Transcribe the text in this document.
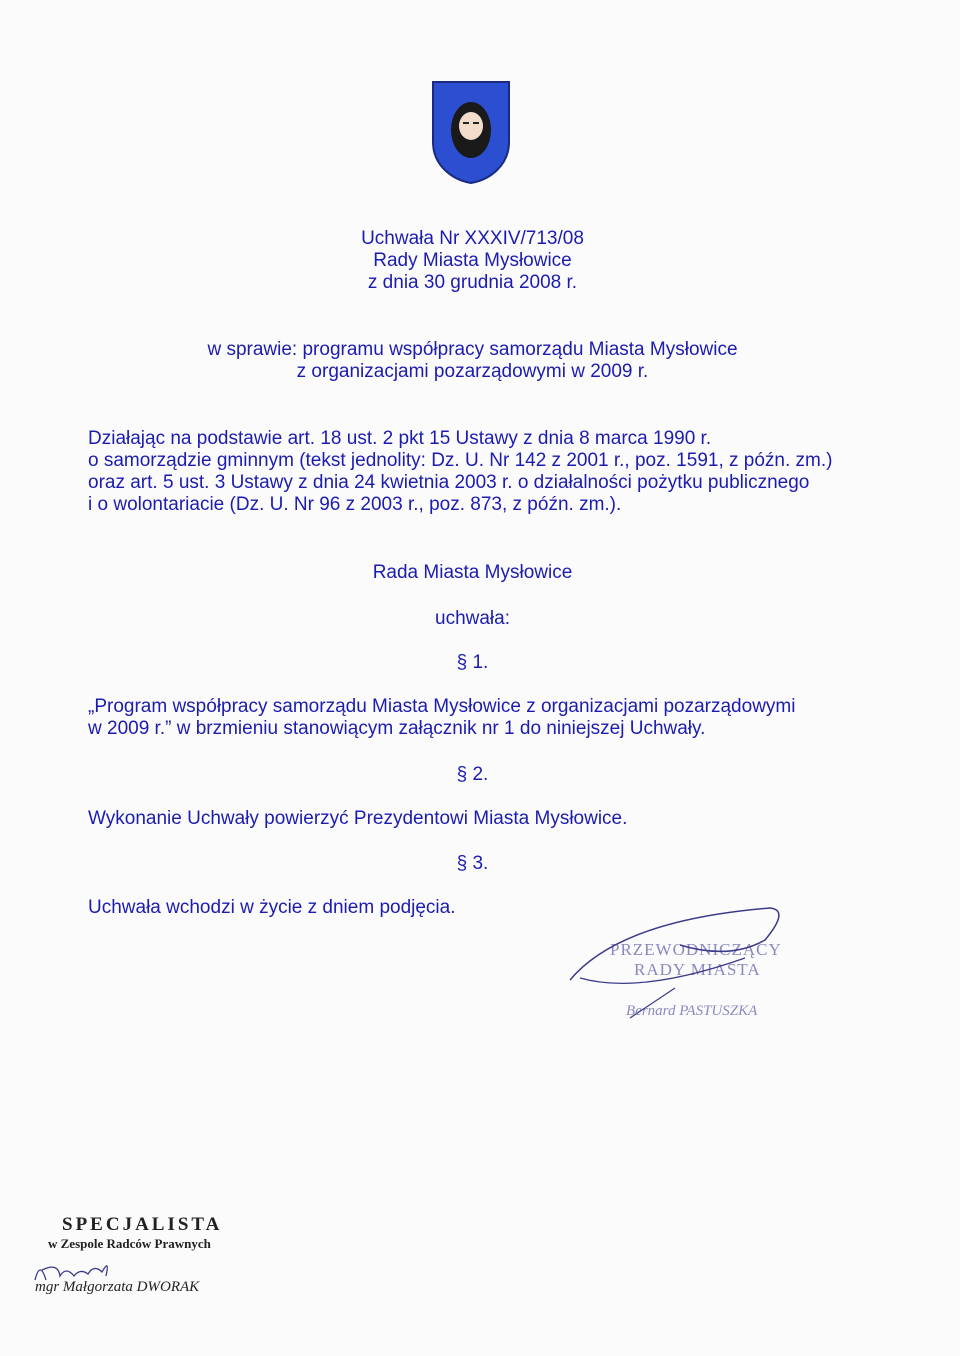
Uchwała Nr XXXIV/713/08
Rady Miasta Mysłowice
z dnia 30 grudnia 2008 r.
w sprawie: programu współpracy samorządu Miasta Mysłowice
z organizacjami pozarządowymi w 2009 r.
Działając na podstawie art. 18 ust. 2 pkt 15 Ustawy z dnia 8 marca 1990 r.
o samorządzie gminnym (tekst jednolity: Dz. U. Nr 142 z 2001 r., poz. 1591, z późn. zm.)
oraz art. 5 ust. 3 Ustawy z dnia 24 kwietnia 2003 r. o działalności pożytku publicznego
i o wolontariacie (Dz. U. Nr 96 z 2003 r., poz. 873, z późn. zm.).
Rada Miasta Mysłowice
uchwała:
§ 1.
„Program współpracy samorządu Miasta Mysłowice z organizacjami pozarządowymi
w 2009 r.” w brzmieniu stanowiącym załącznik nr 1 do niniejszej Uchwały.
§ 2.
Wykonanie Uchwały powierzyć Prezydentowi Miasta Mysłowice.
§ 3.
Uchwała wchodzi w życie z dniem podjęcia.
PRZEWODNICZĄCY
RADY MIASTA
Bernard PASTUSZKA
SPECJALISTA
w Zespole Radców Prawnych
mgr Małgorzata DWORAK
